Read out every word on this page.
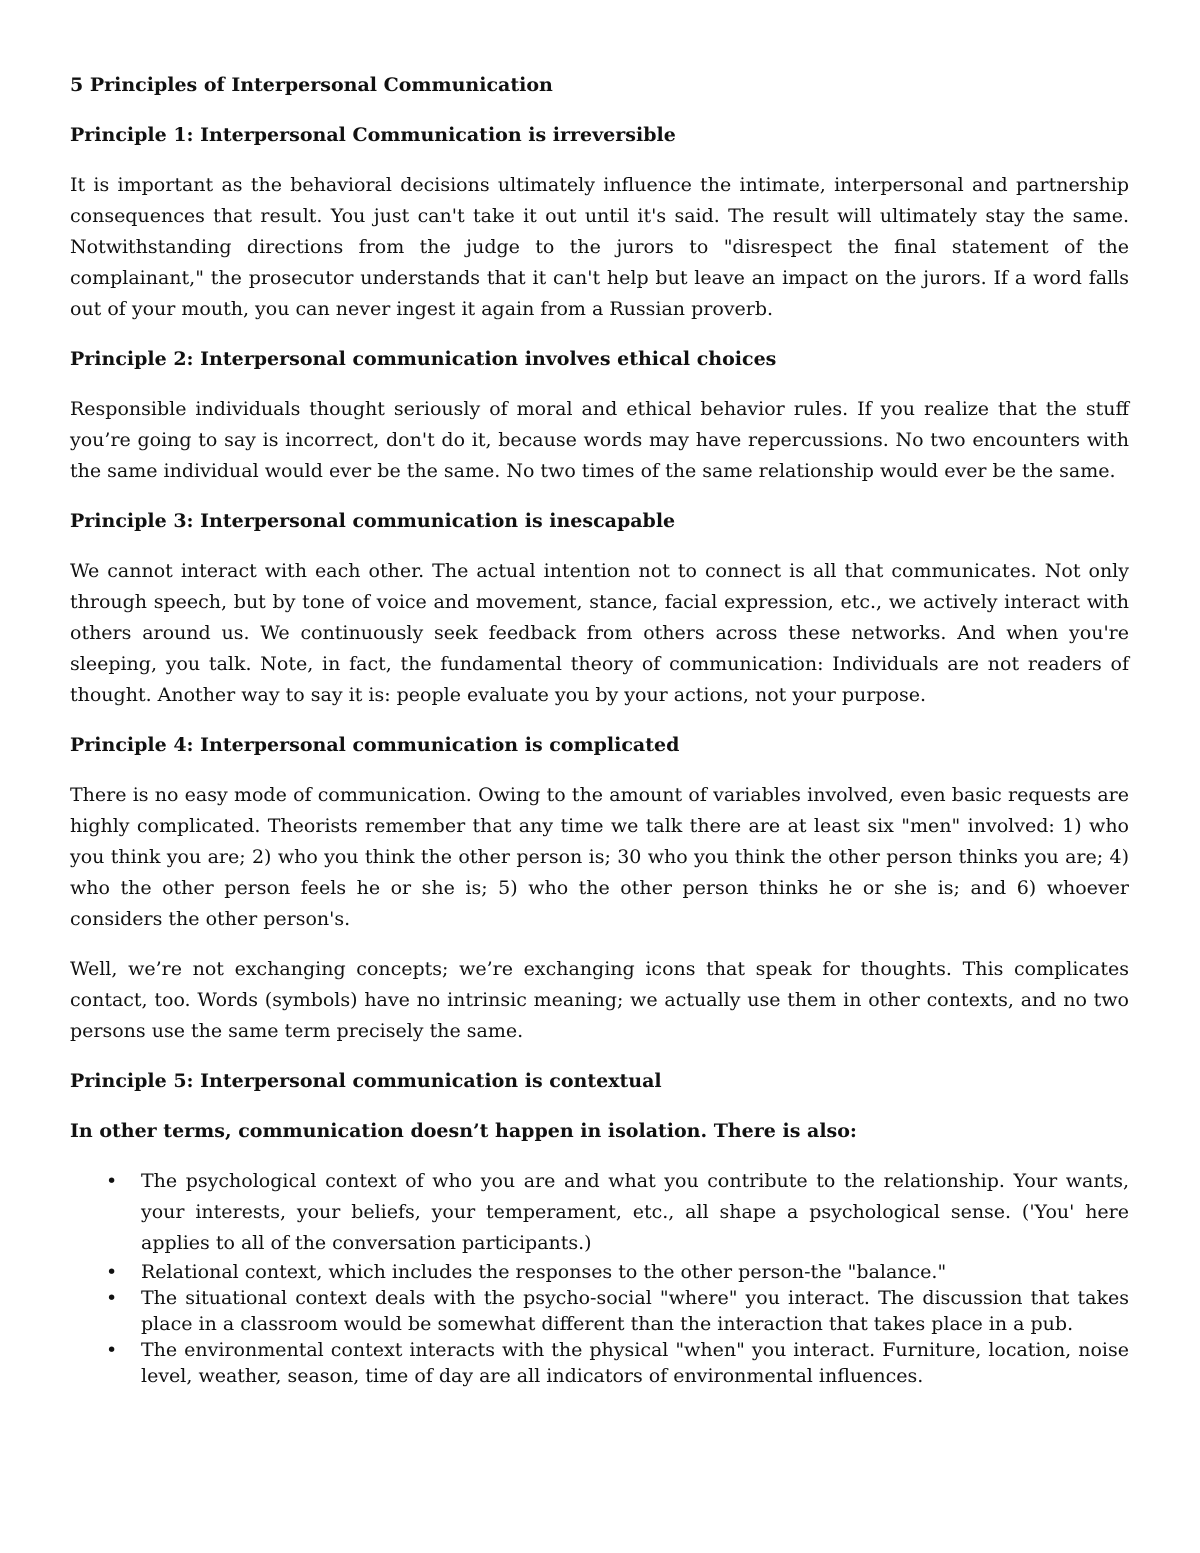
5 Principles of Interpersonal Communication
Principle 1: Interpersonal Communication is irreversible
It is important as the behavioral decisions ultimately influence the intimate, interpersonal and partnership consequences that result. You just can't take it out until it's said. The result will ultimately stay the same. Notwithstanding directions from the judge to the jurors to "disrespect the final statement of the complainant," the prosecutor understands that it can't help but leave an impact on the jurors. If a word falls out of your mouth, you can never ingest it again from a Russian proverb.
Principle 2: Interpersonal communication involves ethical choices
Responsible individuals thought seriously of moral and ethical behavior rules. If you realize that the stuff you’re going to say is incorrect, don't do it, because words may have repercussions. No two encounters with the same individual would ever be the same. No two times of the same relationship would ever be the same.
Principle 3: Interpersonal communication is inescapable
We cannot interact with each other. The actual intention not to connect is all that communicates. Not only through speech, but by tone of voice and movement, stance, facial expression, etc., we actively interact with others around us. We continuously seek feedback from others across these networks. And when you're sleeping, you talk. Note, in fact, the fundamental theory of communication: Individuals are not readers of thought. Another way to say it is: people evaluate you by your actions, not your purpose.
Principle 4: Interpersonal communication is complicated
There is no easy mode of communication. Owing to the amount of variables involved, even basic requests are highly complicated. Theorists remember that any time we talk there are at least six "men" involved: 1) who you think you are; 2) who you think the other person is; 30 who you think the other person thinks you are; 4) who the other person feels he or she is; 5) who the other person thinks he or she is; and 6) whoever considers the other person's.
Well, we’re not exchanging concepts; we’re exchanging icons that speak for thoughts. This complicates contact, too. Words (symbols) have no intrinsic meaning; we actually use them in other contexts, and no two persons use the same term precisely the same.
Principle 5: Interpersonal communication is contextual
In other terms, communication doesn’t happen in isolation. There is also:
• The psychological context of who you are and what you contribute to the relationship. Your wants, your interests, your beliefs, your temperament, etc., all shape a psychological sense. ('You' here applies to all of the conversation participants.)
• Relational context, which includes the responses to the other person-the "balance."
• The situational context deals with the psycho-social "where" you interact. The discussion that takes place in a classroom would be somewhat different than the interaction that takes place in a pub.
• The environmental context interacts with the physical "when" you interact. Furniture, location, noise level, weather, season, time of day are all indicators of environmental influences.
